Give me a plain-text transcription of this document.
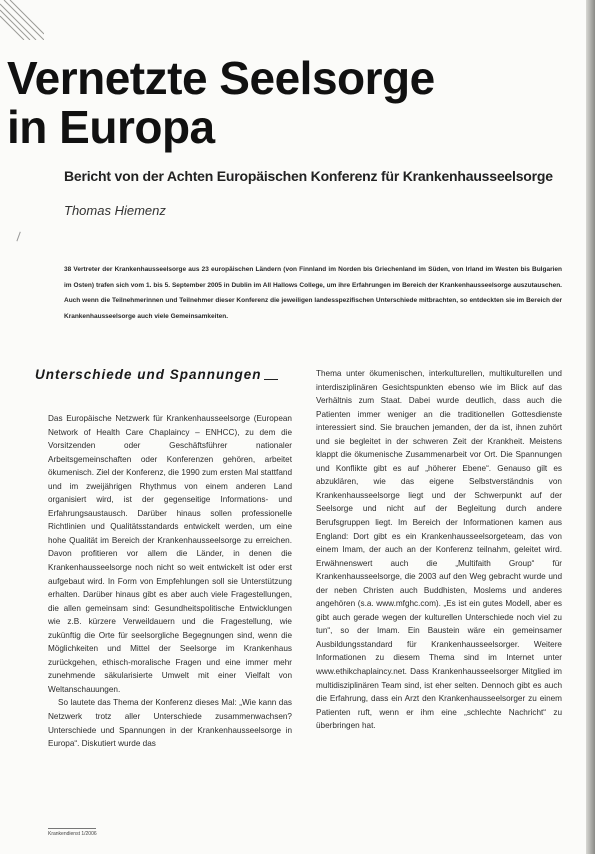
Vernetzte Seelsorge
in Europa

Bericht von der Achten Europäischen Konferenz für Krankenhausseelsorge

Thomas Hiemenz

38 Vertreter der Krankenhausseelsorge aus 23 europäischen Ländern (von Finnland im Norden bis Griechenland im Süden, von Irland im Westen bis Bulgarien im Osten) trafen sich vom 1. bis 5. September 2005 in Dublin im All Hallows College, um ihre Erfahrungen im Bereich der Krankenhausseelsorge auszutauschen. Auch wenn die Teilnehmerinnen und Teilnehmer dieser Konferenz die jeweiligen landesspezifischen Unterschiede mitbrachten, so entdeckten sie im Bereich der Krankenhausseelsorge auch viele Gemeinsamkeiten.

Unterschiede und Spannungen

Das Europäische Netzwerk für Krankenhausseelsorge (European Network of Health Care Chaplaincy – ENHCC), zu dem die Vorsitzenden oder Geschäftsführer nationaler Arbeitsgemeinschaften oder Konferenzen gehören, arbeitet ökumenisch. Ziel der Konferenz, die 1990 zum ersten Mal stattfand und im zweijährigen Rhythmus von einem anderen Land organisiert wird, ist der gegenseitige Informations- und Erfahrungsaustausch. Darüber hinaus sollen professionelle Richtlinien und Qualitätsstandards entwickelt werden, um eine hohe Qualität im Bereich der Krankenhausseelsorge zu erreichen. Davon profitieren vor allem die Länder, in denen die Krankenhausseelsorge noch nicht so weit entwickelt ist oder erst aufgebaut wird. In Form von Empfehlungen soll sie Unterstützung erhalten. Darüber hinaus gibt es aber auch viele Fragestellungen, die allen gemeinsam sind: Gesundheitspolitische Entwicklungen wie z.B. kürzere Verweildauern und die Fragestellung, wie zukünftig die Orte für seelsorgliche Begegnungen sind, wenn die Möglichkeiten und Mittel der Seelsorge im Krankenhaus zurückgehen, ethisch-moralische Fragen und eine immer mehr zunehmende säkularisierte Umwelt mit einer Vielfalt von Weltanschauungen.

So lautete das Thema der Konferenz dieses Mal: „Wie kann das Netzwerk trotz aller Unterschiede zusammenwachsen? Unterschiede und Spannungen in der Krankenhausseelsorge in Europa“. Diskutiert wurde das

Thema unter ökumenischen, interkulturellen, multikulturellen und interdisziplinären Gesichtspunkten ebenso wie im Blick auf das Verhältnis zum Staat. Dabei wurde deutlich, dass auch die Patienten immer weniger an die traditionellen Gottesdienste interessiert sind. Sie brauchen jemanden, der da ist, ihnen zuhört und sie begleitet in der schweren Zeit der Krankheit. Meistens klappt die ökumenische Zusammenarbeit vor Ort. Die Spannungen und Konflikte gibt es auf „höherer Ebene“. Genauso gilt es abzuklären, wie das eigene Selbstverständnis von Krankenhausseelsorge liegt und der Schwerpunkt auf der Seelsorge und nicht auf der Begleitung durch andere Berufsgruppen liegt. Im Bereich der Informationen kamen aus England: Dort gibt es ein Krankenhausseelsorgeteam, das von einem Imam, der auch an der Konferenz teilnahm, geleitet wird. Erwähnenswert auch die „Multifaith Group“ für Krankenhausseelsorge, die 2003 auf den Weg gebracht wurde und der neben Christen auch Buddhisten, Moslems und anderes angehören (s.a. www.mfghc.com). „Es ist ein gutes Modell, aber es gibt auch gerade wegen der kulturellen Unterschiede noch viel zu tun“, so der Imam. Ein Baustein wäre ein gemeinsamer Ausbildungsstandard für Krankenhausseelsorger. Weitere Informationen zu diesem Thema sind im Internet unter www.ethikchaplaincy.net. Dass Krankenhausseelsorger Mitglied im multidisziplinären Team sind, ist eher selten. Dennoch gibt es auch die Erfahrung, dass ein Arzt den Krankenhausseelsorger zu einem Patienten ruft, wenn er ihm eine „schlechte Nachricht“ zu überbringen hat.

Krankendienst 1/2006
